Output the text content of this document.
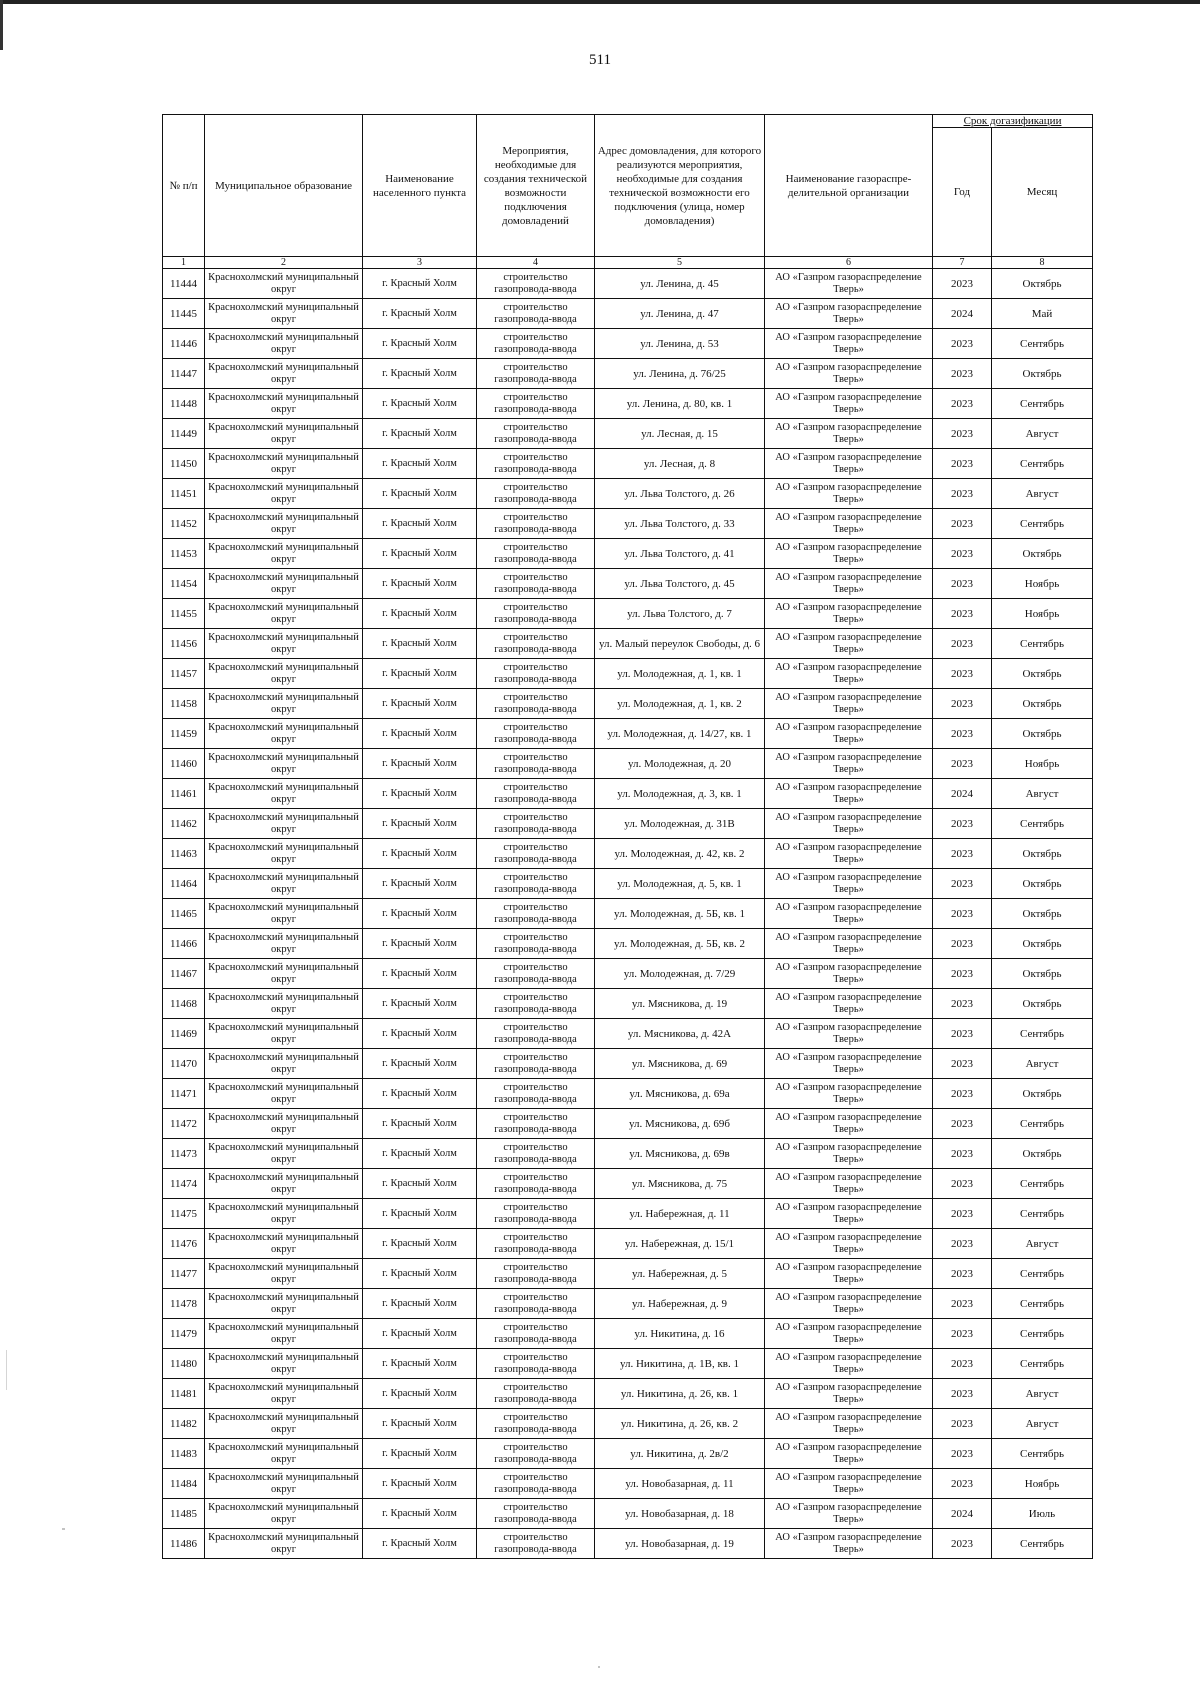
511
№ п/п	Муниципальное образование	Наименование населенного пункта	Мероприятия, необходимые для создания технической возможности подключения домовладений	Адрес домовладения, для которого реализуются мероприятия, необходимые для создания технической возможности его подключения (улица, номер домовладения)	Наименование газораспре-делительной организации	Срок догазификации	
						Год	Месяц
1	2	3	4	5	6	7	8
11444	Краснохолмский муниципальный округ	г. Красный Холм	строительство газопровода-ввода	ул. Ленина, д. 45	АО «Газпром газораспределение Тверь»	2023	Октябрь
11445	Краснохолмский муниципальный округ	г. Красный Холм	строительство газопровода-ввода	ул. Ленина, д. 47	АО «Газпром газораспределение Тверь»	2024	Май
11446	Краснохолмский муниципальный округ	г. Красный Холм	строительство газопровода-ввода	ул. Ленина, д. 53	АО «Газпром газораспределение Тверь»	2023	Сентябрь
11447	Краснохолмский муниципальный округ	г. Красный Холм	строительство газопровода-ввода	ул. Ленина, д. 76/25	АО «Газпром газораспределение Тверь»	2023	Октябрь
11448	Краснохолмский муниципальный округ	г. Красный Холм	строительство газопровода-ввода	ул. Ленина, д. 80, кв. 1	АО «Газпром газораспределение Тверь»	2023	Сентябрь
11449	Краснохолмский муниципальный округ	г. Красный Холм	строительство газопровода-ввода	ул. Лесная, д. 15	АО «Газпром газораспределение Тверь»	2023	Август
11450	Краснохолмский муниципальный округ	г. Красный Холм	строительство газопровода-ввода	ул. Лесная, д. 8	АО «Газпром газораспределение Тверь»	2023	Сентябрь
11451	Краснохолмский муниципальный округ	г. Красный Холм	строительство газопровода-ввода	ул. Льва Толстого, д. 26	АО «Газпром газораспределение Тверь»	2023	Август
11452	Краснохолмский муниципальный округ	г. Красный Холм	строительство газопровода-ввода	ул. Льва Толстого, д. 33	АО «Газпром газораспределение Тверь»	2023	Сентябрь
11453	Краснохолмский муниципальный округ	г. Красный Холм	строительство газопровода-ввода	ул. Льва Толстого, д. 41	АО «Газпром газораспределение Тверь»	2023	Октябрь
11454	Краснохолмский муниципальный округ	г. Красный Холм	строительство газопровода-ввода	ул. Льва Толстого, д. 45	АО «Газпром газораспределение Тверь»	2023	Ноябрь
11455	Краснохолмский муниципальный округ	г. Красный Холм	строительство газопровода-ввода	ул. Льва Толстого, д. 7	АО «Газпром газораспределение Тверь»	2023	Ноябрь
11456	Краснохолмский муниципальный округ	г. Красный Холм	строительство газопровода-ввода	ул. Малый переулок Свободы, д. 6	АО «Газпром газораспределение Тверь»	2023	Сентябрь
11457	Краснохолмский муниципальный округ	г. Красный Холм	строительство газопровода-ввода	ул. Молодежная, д. 1, кв. 1	АО «Газпром газораспределение Тверь»	2023	Октябрь
11458	Краснохолмский муниципальный округ	г. Красный Холм	строительство газопровода-ввода	ул. Молодежная, д. 1, кв. 2	АО «Газпром газораспределение Тверь»	2023	Октябрь
11459	Краснохолмский муниципальный округ	г. Красный Холм	строительство газопровода-ввода	ул. Молодежная, д. 14/27, кв. 1	АО «Газпром газораспределение Тверь»	2023	Октябрь
11460	Краснохолмский муниципальный округ	г. Красный Холм	строительство газопровода-ввода	ул. Молодежная, д. 20	АО «Газпром газораспределение Тверь»	2023	Ноябрь
11461	Краснохолмский муниципальный округ	г. Красный Холм	строительство газопровода-ввода	ул. Молодежная, д. 3, кв. 1	АО «Газпром газораспределение Тверь»	2024	Август
11462	Краснохолмский муниципальный округ	г. Красный Холм	строительство газопровода-ввода	ул. Молодежная, д. 31В	АО «Газпром газораспределение Тверь»	2023	Сентябрь
11463	Краснохолмский муниципальный округ	г. Красный Холм	строительство газопровода-ввода	ул. Молодежная, д. 42, кв. 2	АО «Газпром газораспределение Тверь»	2023	Октябрь
11464	Краснохолмский муниципальный округ	г. Красный Холм	строительство газопровода-ввода	ул. Молодежная, д. 5, кв. 1	АО «Газпром газораспределение Тверь»	2023	Октябрь
11465	Краснохолмский муниципальный округ	г. Красный Холм	строительство газопровода-ввода	ул. Молодежная, д. 5Б, кв. 1	АО «Газпром газораспределение Тверь»	2023	Октябрь
11466	Краснохолмский муниципальный округ	г. Красный Холм	строительство газопровода-ввода	ул. Молодежная, д. 5Б, кв. 2	АО «Газпром газораспределение Тверь»	2023	Октябрь
11467	Краснохолмский муниципальный округ	г. Красный Холм	строительство газопровода-ввода	ул. Молодежная, д. 7/29	АО «Газпром газораспределение Тверь»	2023	Октябрь
11468	Краснохолмский муниципальный округ	г. Красный Холм	строительство газопровода-ввода	ул. Мясникова, д. 19	АО «Газпром газораспределение Тверь»	2023	Октябрь
11469	Краснохолмский муниципальный округ	г. Красный Холм	строительство газопровода-ввода	ул. Мясникова, д. 42А	АО «Газпром газораспределение Тверь»	2023	Сентябрь
11470	Краснохолмский муниципальный округ	г. Красный Холм	строительство газопровода-ввода	ул. Мясникова, д. 69	АО «Газпром газораспределение Тверь»	2023	Август
11471	Краснохолмский муниципальный округ	г. Красный Холм	строительство газопровода-ввода	ул. Мясникова, д. 69а	АО «Газпром газораспределение Тверь»	2023	Октябрь
11472	Краснохолмский муниципальный округ	г. Красный Холм	строительство газопровода-ввода	ул. Мясникова, д. 69б	АО «Газпром газораспределение Тверь»	2023	Сентябрь
11473	Краснохолмский муниципальный округ	г. Красный Холм	строительство газопровода-ввода	ул. Мясникова, д. 69в	АО «Газпром газораспределение Тверь»	2023	Октябрь
11474	Краснохолмский муниципальный округ	г. Красный Холм	строительство газопровода-ввода	ул. Мясникова, д. 75	АО «Газпром газораспределение Тверь»	2023	Сентябрь
11475	Краснохолмский муниципальный округ	г. Красный Холм	строительство газопровода-ввода	ул. Набережная, д. 11	АО «Газпром газораспределение Тверь»	2023	Сентябрь
11476	Краснохолмский муниципальный округ	г. Красный Холм	строительство газопровода-ввода	ул. Набережная, д. 15/1	АО «Газпром газораспределение Тверь»	2023	Август
11477	Краснохолмский муниципальный округ	г. Красный Холм	строительство газопровода-ввода	ул. Набережная, д. 5	АО «Газпром газораспределение Тверь»	2023	Сентябрь
11478	Краснохолмский муниципальный округ	г. Красный Холм	строительство газопровода-ввода	ул. Набережная, д. 9	АО «Газпром газораспределение Тверь»	2023	Сентябрь
11479	Краснохолмский муниципальный округ	г. Красный Холм	строительство газопровода-ввода	ул. Никитина, д. 16	АО «Газпром газораспределение Тверь»	2023	Сентябрь
11480	Краснохолмский муниципальный округ	г. Красный Холм	строительство газопровода-ввода	ул. Никитина, д. 1В, кв. 1	АО «Газпром газораспределение Тверь»	2023	Сентябрь
11481	Краснохолмский муниципальный округ	г. Красный Холм	строительство газопровода-ввода	ул. Никитина, д. 26, кв. 1	АО «Газпром газораспределение Тверь»	2023	Август
11482	Краснохолмский муниципальный округ	г. Красный Холм	строительство газопровода-ввода	ул. Никитина, д. 26, кв. 2	АО «Газпром газораспределение Тверь»	2023	Август
11483	Краснохолмский муниципальный округ	г. Красный Холм	строительство газопровода-ввода	ул. Никитина, д. 2в/2	АО «Газпром газораспределение Тверь»	2023	Сентябрь
11484	Краснохолмский муниципальный округ	г. Красный Холм	строительство газопровода-ввода	ул. Новобазарная, д. 11	АО «Газпром газораспределение Тверь»	2023	Ноябрь
11485	Краснохолмский муниципальный округ	г. Красный Холм	строительство газопровода-ввода	ул. Новобазарная, д. 18	АО «Газпром газораспределение Тверь»	2024	Июль
11486	Краснохолмский муниципальный округ	г. Красный Холм	строительство газопровода-ввода	ул. Новобазарная, д. 19	АО «Газпром газораспределение Тверь»	2023	Сентябрь
